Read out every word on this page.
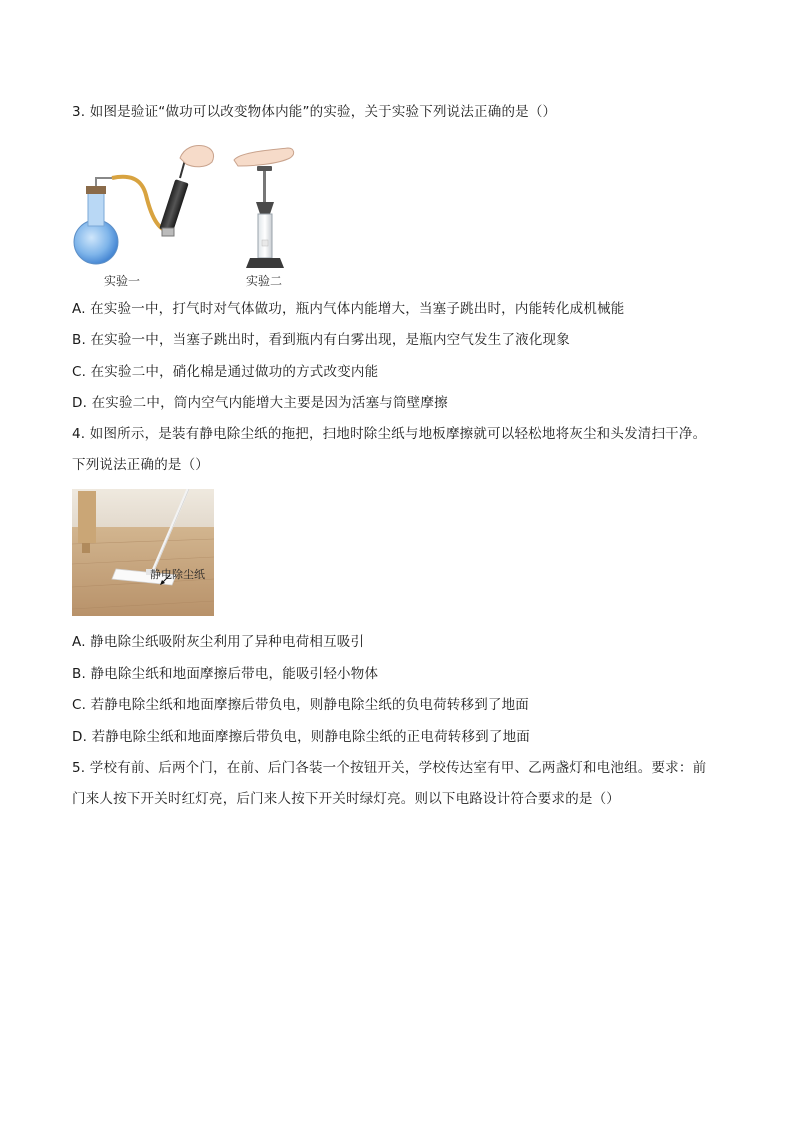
3. 如图是验证“做功可以改变物体内能”的实验，关于实验下列说法正确的是（）
实验一	实验二
A. 在实验一中，打气时对气体做功，瓶内气体内能增大，当塞子跳出时，内能转化成机械能
B. 在实验一中，当塞子跳出时，看到瓶内有白雾出现，是瓶内空气发生了液化现象
C. 在实验二中，硝化棉是通过做功的方式改变内能
D. 在实验二中，筒内空气内能增大主要是因为活塞与筒壁摩擦
4. 如图所示，是装有静电除尘纸的拖把，扫地时除尘纸与地板摩擦就可以轻松地将灰尘和头发清扫干净。
下列说法正确的是（）
静电除尘纸
A. 静电除尘纸吸附灰尘利用了异种电荷相互吸引
B. 静电除尘纸和地面摩擦后带电，能吸引轻小物体
C. 若静电除尘纸和地面摩擦后带负电，则静电除尘纸的负电荷转移到了地面
D. 若静电除尘纸和地面摩擦后带负电，则静电除尘纸的正电荷转移到了地面
5. 学校有前、后两个门，在前、后门各装一个按钮开关，学校传达室有甲、乙两盏灯和电池组。要求：前
门来人按下开关时红灯亮，后门来人按下开关时绿灯亮。则以下电路设计符合要求的是（）
